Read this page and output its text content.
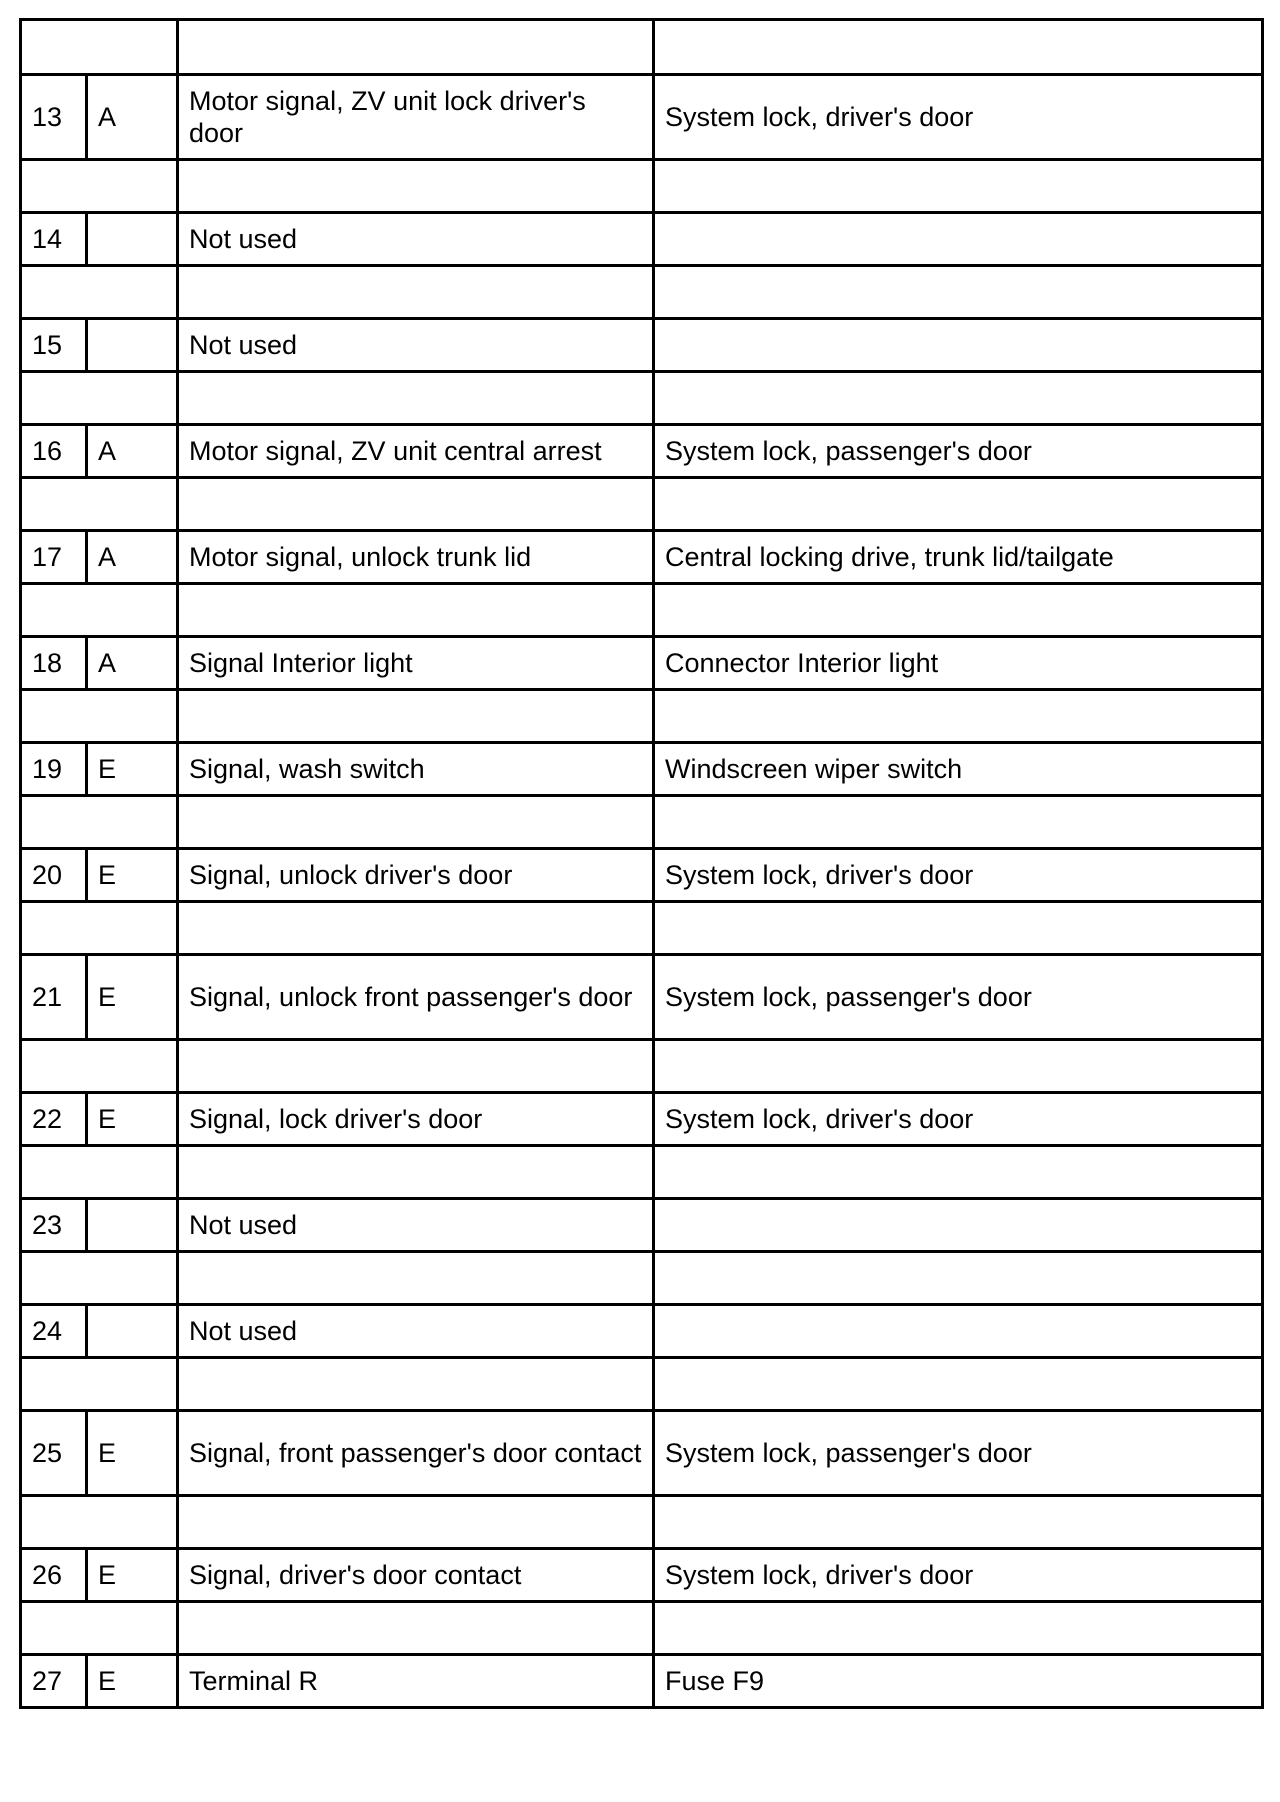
13	A	Motor signal, ZV unit lock driver's door	System lock, driver's door

14		Not used	

15		Not used	

16	A	Motor signal, ZV unit central arrest	System lock, passenger's door

17	A	Motor signal, unlock trunk lid	Central locking drive, trunk lid/tailgate

18	A	Signal Interior light	Connector Interior light

19	E	Signal, wash switch	Windscreen wiper switch

20	E	Signal, unlock driver's door	System lock, driver's door

21	E	Signal, unlock front passenger's door	System lock, passenger's door

22	E	Signal, lock driver's door	System lock, driver's door

23		Not used	

24		Not used	

25	E	Signal, front passenger's door contact	System lock, passenger's door

26	E	Signal, driver's door contact	System lock, driver's door

27	E	Terminal R	Fuse F9
